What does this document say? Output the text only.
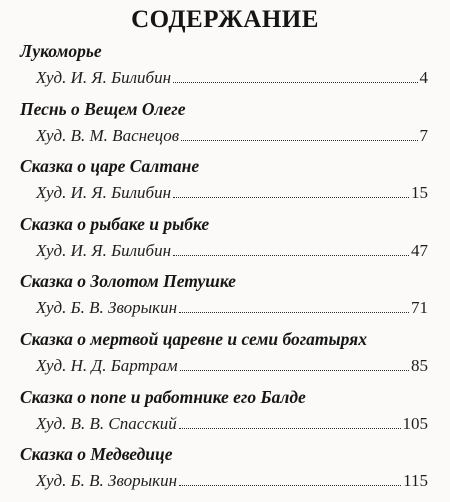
СОДЕРЖАНИЕ
Лукоморье
Худ. И. Я. Билибин	4
Песнь о Вещем Олеге
Худ. В. М. Васнецов	7
Сказка о царе Салтане
Худ. И. Я. Билибин	15
Сказка о рыбаке и рыбке
Худ. И. Я. Билибин	47
Сказка о Золотом Петушке
Худ. Б. В. Зворыкин	71
Сказка о мертвой царевне и семи богатырях
Худ. Н. Д. Бартрам	85
Сказка о попе и работнике его Балде
Худ. В. В. Спасский	105
Сказка о Медведице
Худ. Б. В. Зворыкин	115
